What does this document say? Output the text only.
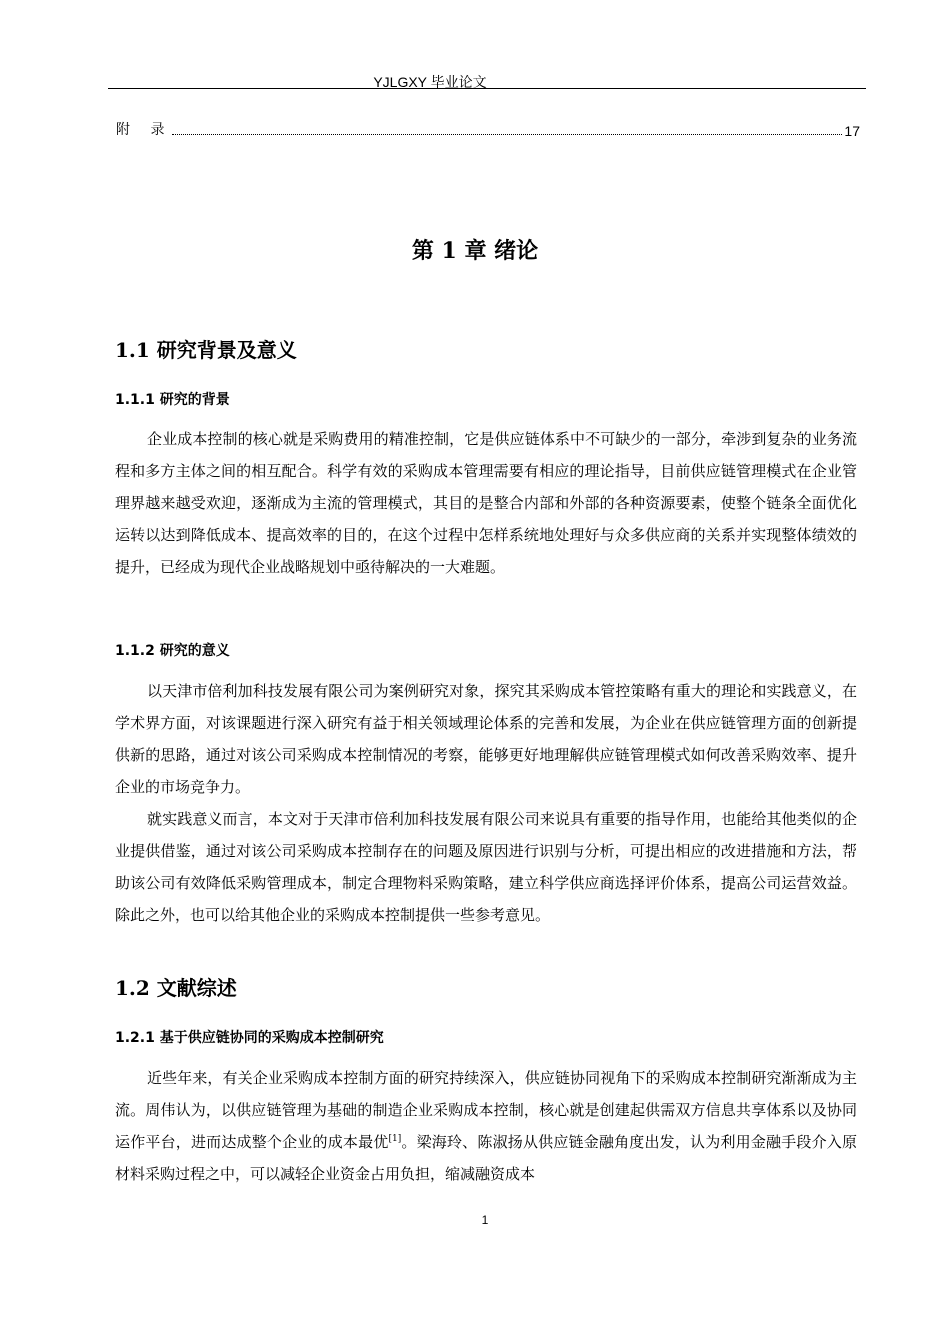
YJLGXY 毕业论文
附 录	17
第 1 章 绪论
1.1 研究背景及意义
1.1.1 研究的背景
企业成本控制的核心就是采购费用的精准控制，它是供应链体系中不可缺少的一部分，牵涉到复杂的业务流程和多方主体之间的相互配合。科学有效的采购成本管理需要有相应的理论指导，目前供应链管理模式在企业管理界越来越受欢迎，逐渐成为主流的管理模式，其目的是整合内部和外部的各种资源要素，使整个链条全面优化运转以达到降低成本、提高效率的目的，在这个过程中怎样系统地处理好与众多供应商的关系并实现整体绩效的提升，已经成为现代企业战略规划中亟待解决的一大难题。
1.1.2 研究的意义
以天津市倍利加科技发展有限公司为案例研究对象，探究其采购成本管控策略有重大的理论和实践意义，在学术界方面，对该课题进行深入研究有益于相关领域理论体系的完善和发展，为企业在供应链管理方面的创新提供新的思路，通过对该公司采购成本控制情况的考察，能够更好地理解供应链管理模式如何改善采购效率、提升企业的市场竞争力。
就实践意义而言，本文对于天津市倍利加科技发展有限公司来说具有重要的指导作用，也能给其他类似的企业提供借鉴，通过对该公司采购成本控制存在的问题及原因进行识别与分析，可提出相应的改进措施和方法，帮助该公司有效降低采购管理成本，制定合理物料采购策略，建立科学供应商选择评价体系，提高公司运营效益。除此之外，也可以给其他企业的采购成本控制提供一些参考意见。
1.2 文献综述
1.2.1 基于供应链协同的采购成本控制研究
近些年来，有关企业采购成本控制方面的研究持续深入，供应链协同视角下的采购成本控制研究渐渐成为主流。周伟认为，以供应链管理为基础的制造企业采购成本控制，核心就是创建起供需双方信息共享体系以及协同运作平台，进而达成整个企业的成本最优[1]。梁海玲、陈淑扬从供应链金融角度出发，认为利用金融手段介入原材料采购过程之中，可以减轻企业资金占用负担，缩减融资成本
1
